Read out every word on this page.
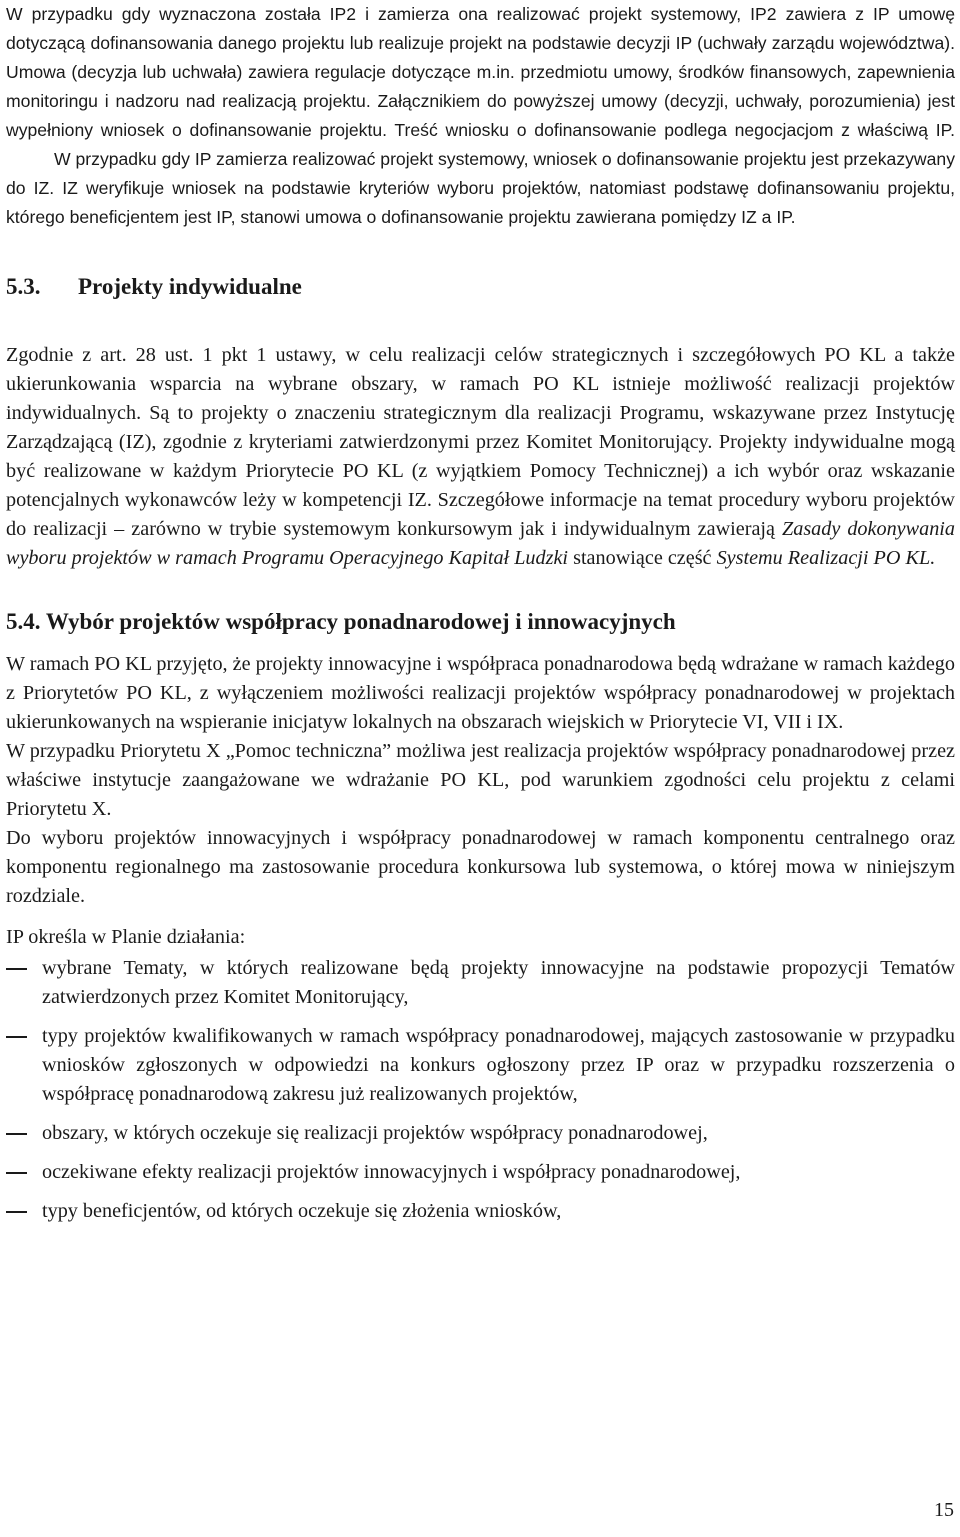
W przypadku gdy wyznaczona została IP2 i zamierza ona realizować projekt systemowy, IP2 zawiera z IP umowę dotyczącą dofinansowania danego projektu lub realizuje projekt na podstawie decyzji IP (uchwały zarządu województwa). Umowa (decyzja lub uchwała) zawiera regulacje dotyczące m.in. przedmiotu umowy, środków finansowych, zapewnienia monitoringu i nadzoru nad realizacją projektu. Załącznikiem do powyższej umowy (decyzji, uchwały, porozumienia) jest wypełniony wniosek o dofinansowanie projektu. Treść wniosku o dofinansowanie podlega negocjacjom z właściwą IP.W przypadku gdy IP zamierza realizować projekt systemowy, wniosek o dofinansowanie projektu jest przekazywany do IZ. IZ weryfikuje wniosek na podstawie kryteriów wyboru projektów, natomiast podstawę dofinansowaniu projektu, którego beneficjentem jest IP, stanowi umowa o dofinansowanie projektu zawierana pomiędzy IZ a IP.

5.3. Projekty indywidualne

Zgodnie z art. 28 ust. 1 pkt 1 ustawy, w celu realizacji celów strategicznych i szczegółowych PO KL a także ukierunkowania wsparcia na wybrane obszary, w ramach PO KL istnieje możliwość realizacji projektów indywidualnych. Są to projekty o znaczeniu strategicznym dla realizacji Programu, wskazywane przez Instytucję Zarządzającą (IZ), zgodnie z kryteriami zatwierdzonymi przez Komitet Monitorujący. Projekty indywidualne mogą być realizowane w każdym Priorytecie PO KL (z wyjątkiem Pomocy Technicznej) a ich wybór oraz wskazanie potencjalnych wykonawców leży w kompetencji IZ. Szczegółowe informacje na temat procedury wyboru projektów do realizacji – zarówno w trybie systemowym konkursowym jak i indywidualnym zawierają Zasady dokonywania wyboru projektów w ramach Programu Operacyjnego Kapitał Ludzki stanowiące część Systemu Realizacji PO KL.

5.4. Wybór projektów współpracy ponadnarodowej i innowacyjnych

W ramach PO KL przyjęto, że projekty innowacyjne i współpraca ponadnarodowa będą wdrażane w ramach każdego z Priorytetów PO KL, z wyłączeniem możliwości realizacji projektów współpracy ponadnarodowej w projektach ukierunkowanych na wspieranie inicjatyw lokalnych na obszarach wiejskich w Priorytecie VI, VII i IX.

W przypadku Priorytetu X „Pomoc techniczna” możliwa jest realizacja projektów współpracy ponadnarodowej przez właściwe instytucje zaangażowane we wdrażanie PO KL, pod warunkiem zgodności celu projektu z celami Priorytetu X.

Do wyboru projektów innowacyjnych i współpracy ponadnarodowej w ramach komponentu centralnego oraz komponentu regionalnego ma zastosowanie procedura konkursowa lub systemowa, o której mowa w niniejszym rozdziale.

IP określa w Planie działania:

wybrane Tematy, w których realizowane będą projekty innowacyjne na podstawie propozycji Tematów zatwierdzonych przez Komitet Monitorujący,
typy projektów kwalifikowanych w ramach współpracy ponadnarodowej, mających zastosowanie w przypadku wniosków zgłoszonych w odpowiedzi na konkurs ogłoszony przez IP oraz w przypadku rozszerzenia o współpracę ponadnarodową zakresu już realizowanych projektów,
obszary, w których oczekuje się realizacji projektów współpracy ponadnarodowej,
oczekiwane efekty realizacji projektów innowacyjnych i współpracy ponadnarodowej,
typy beneficjentów, od których oczekuje się złożenia wniosków,
15
